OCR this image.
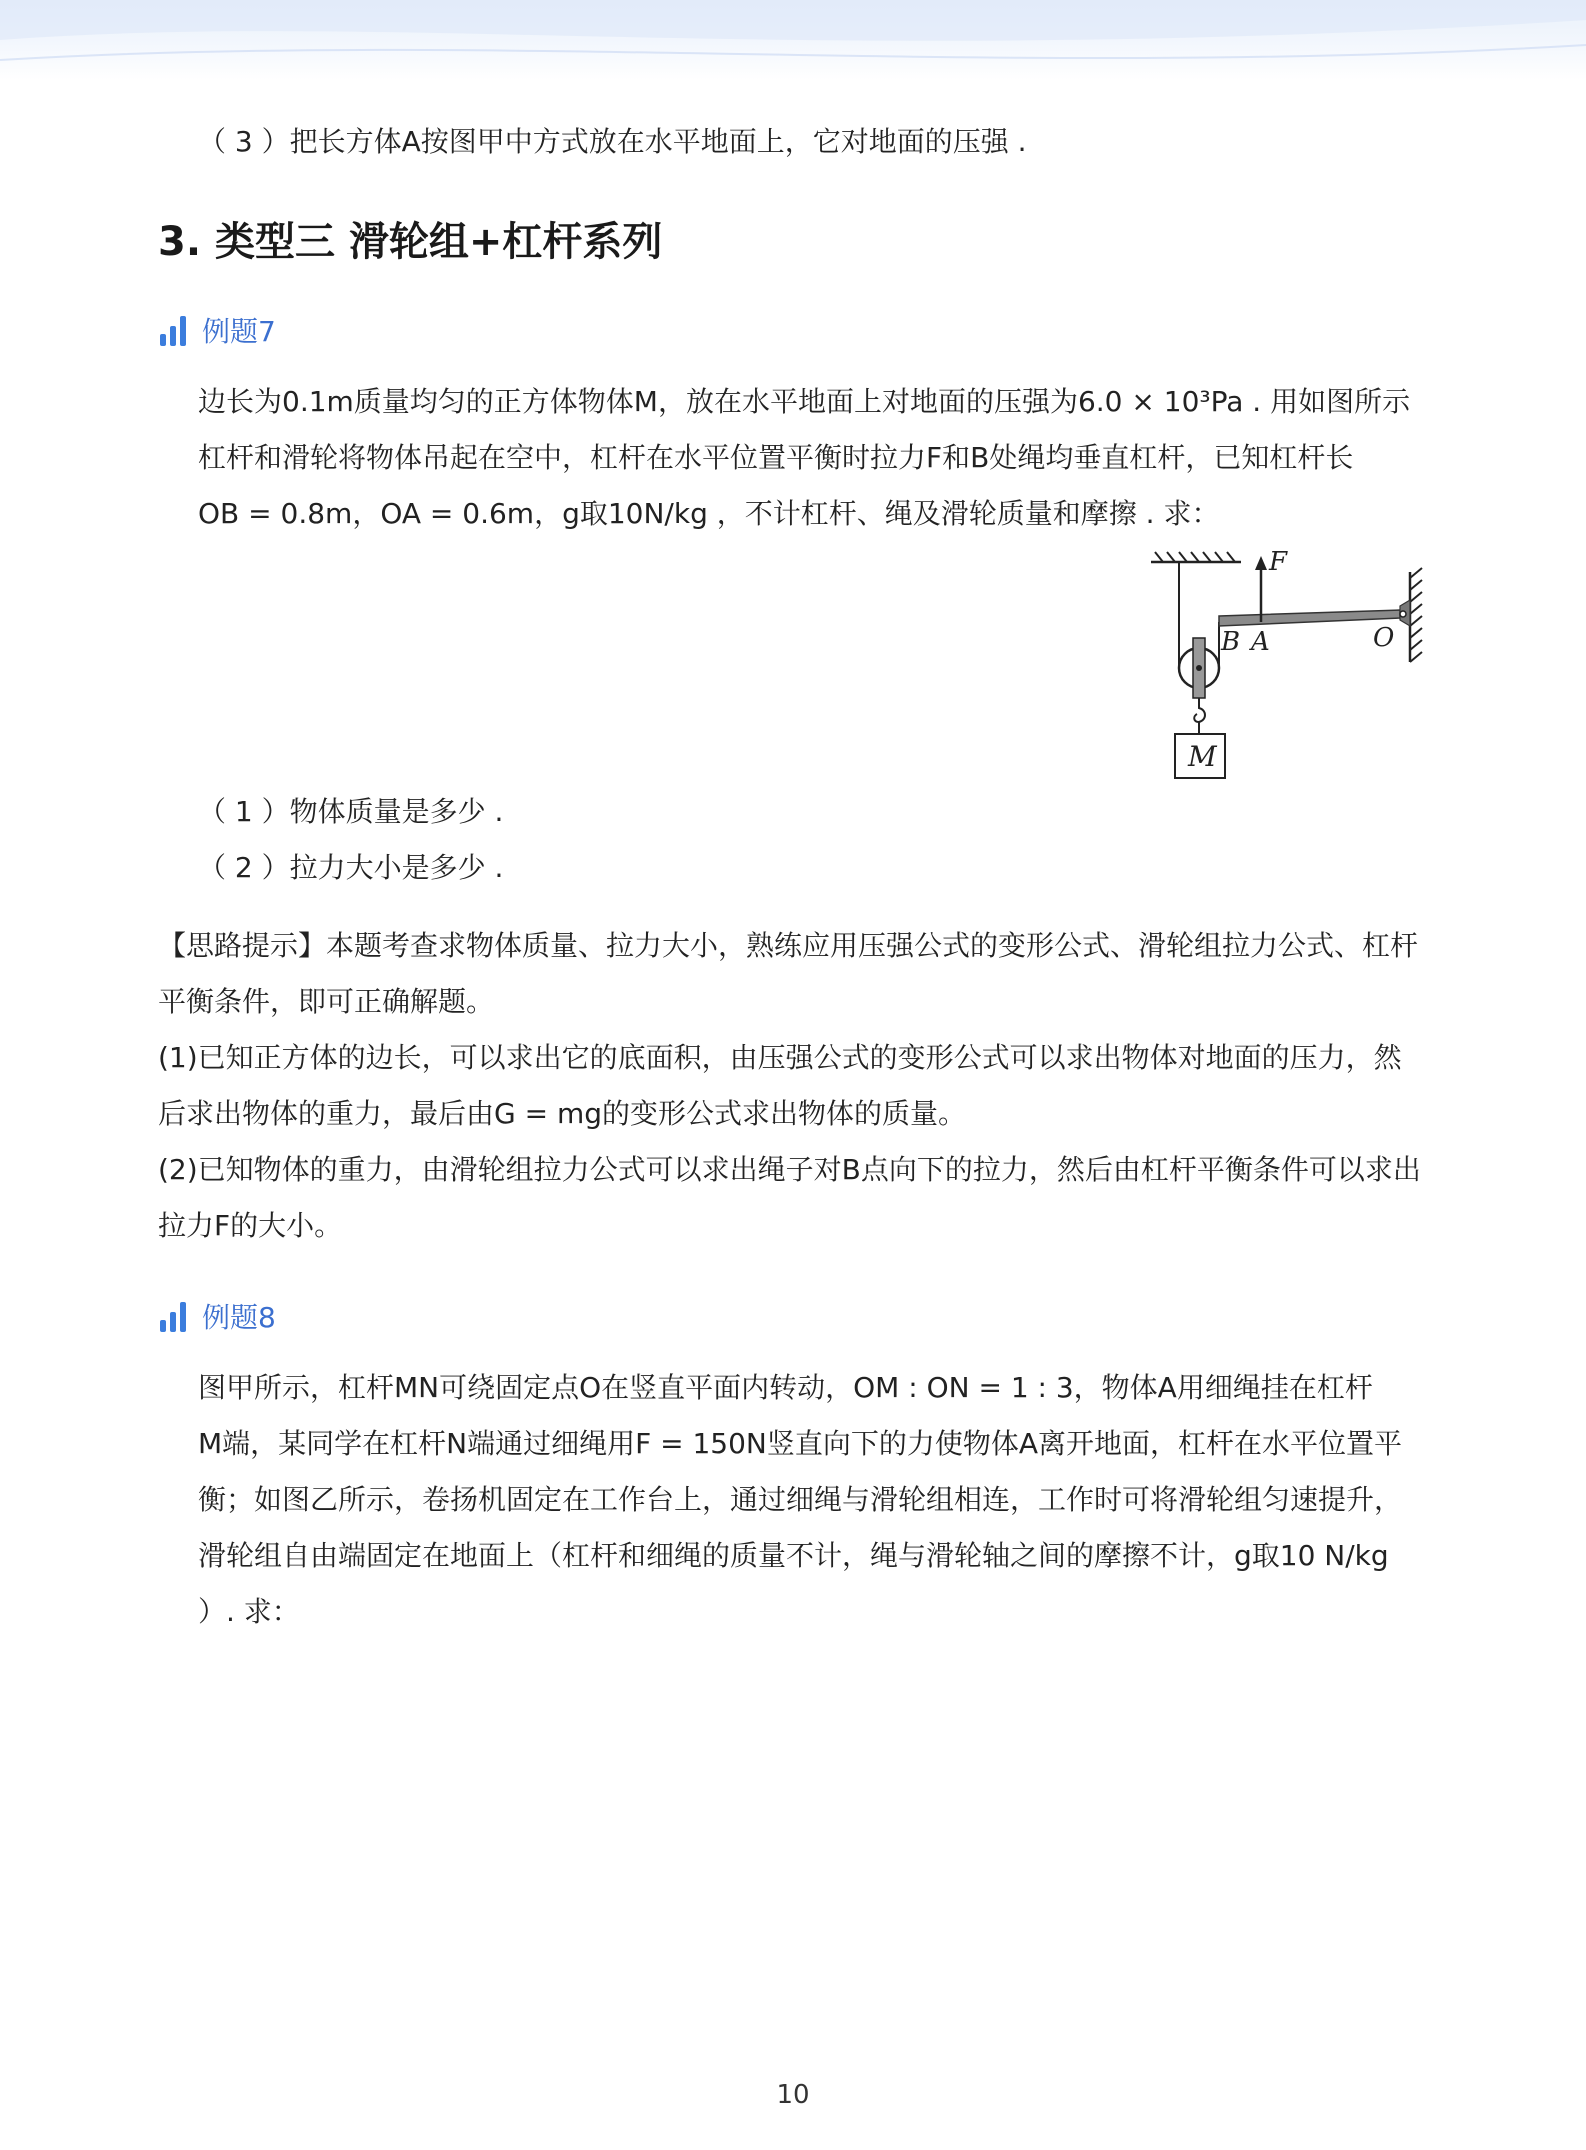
（ 3 ）把长方体A按图甲中方式放在水平地面上，它对地面的压强 .
3. 类型三 滑轮组+杠杆系列
例题7
边长为0.1m质量均匀的正方体物体M，放在水平地面上对地面的压强为6.0 × 10³Pa . 用如图所示
杠杆和滑轮将物体吊起在空中，杠杆在水平位置平衡时拉力F和B处绳均垂直杠杆，已知杠杆长
OB = 0.8m，OA = 0.6m，g取10N/kg ，不计杠杆、绳及滑轮质量和摩擦 . 求：
F
B A	O
M
（ 1 ）物体质量是多少 .
（ 2 ）拉力大小是多少 .
【思路提示】本题考查求物体质量、拉力大小，熟练应用压强公式的变形公式、滑轮组拉力公式、杠杆
平衡条件，即可正确解题。
(1)已知正方体的边长，可以求出它的底面积，由压强公式的变形公式可以求出物体对地面的压力，然
后求出物体的重力，最后由G = mg的变形公式求出物体的质量。
(2)已知物体的重力，由滑轮组拉力公式可以求出绳子对B点向下的拉力，然后由杠杆平衡条件可以求出
拉力F的大小。
例题8
图甲所示，杠杆MN可绕固定点O在竖直平面内转动，OM : ON = 1 : 3，物体A用细绳挂在杠杆
M端，某同学在杠杆N端通过细绳用F = 150N竖直向下的力使物体A离开地面，杠杆在水平位置平
衡；如图乙所示，卷扬机固定在工作台上，通过细绳与滑轮组相连，工作时可将滑轮组匀速提升，
滑轮组自由端固定在地面上（杠杆和细绳的质量不计，绳与滑轮轴之间的摩擦不计，g取10 N/kg
）. 求：
10
